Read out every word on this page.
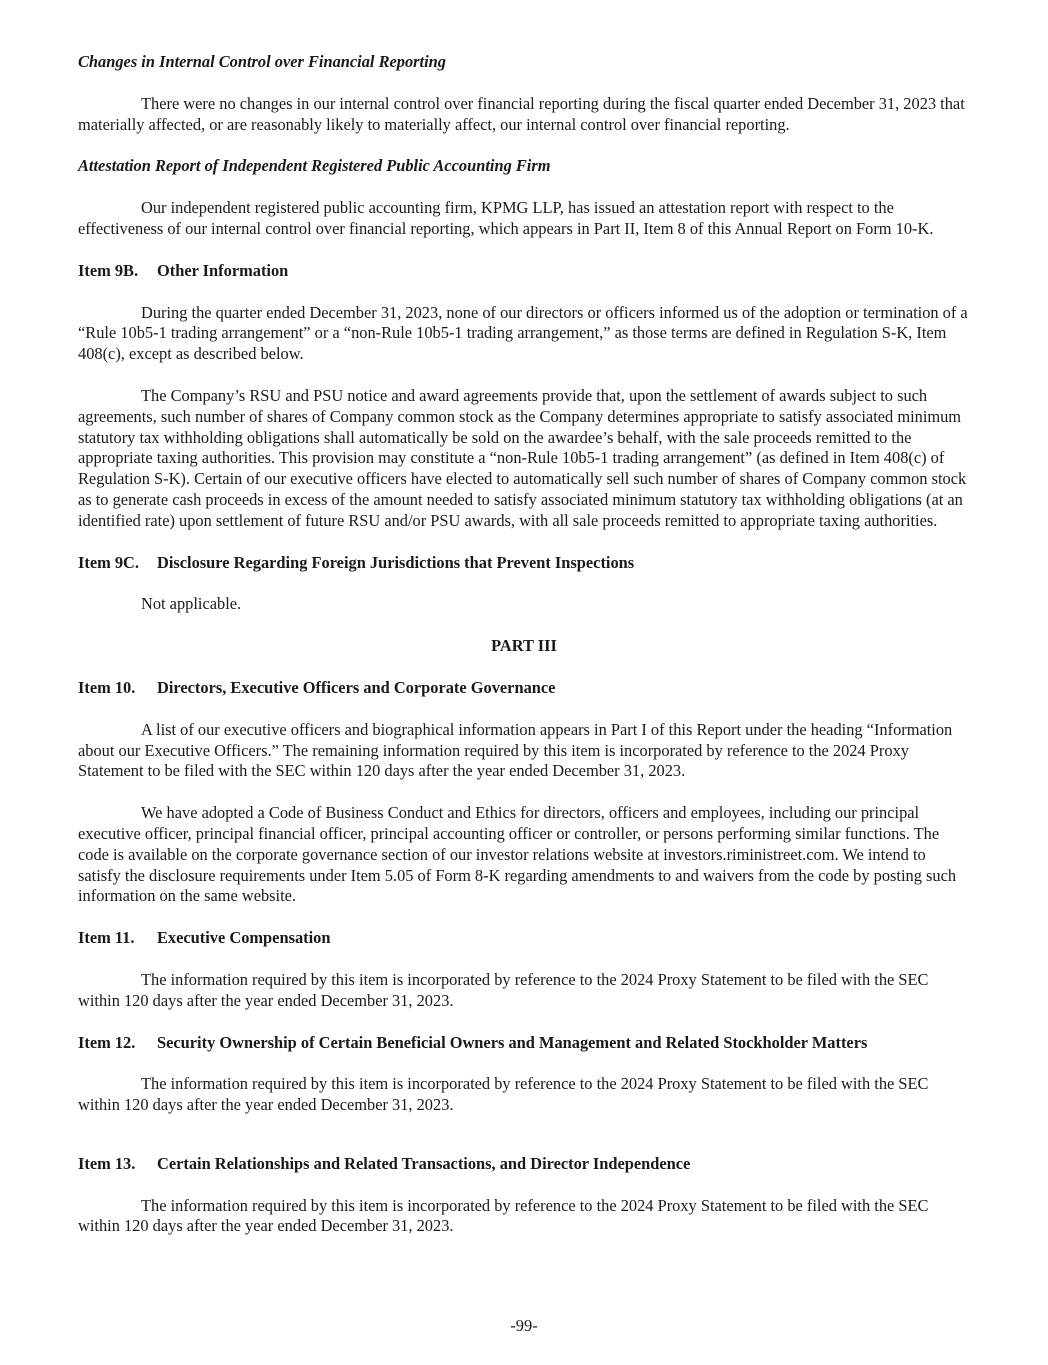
Changes in Internal Control over Financial Reporting

There were no changes in our internal control over financial reporting during the fiscal quarter ended December 31, 2023 that materially affected, or are reasonably likely to materially affect, our internal control over financial reporting.

Attestation Report of Independent Registered Public Accounting Firm

Our independent registered public accounting firm, KPMG LLP, has issued an attestation report with respect to the effectiveness of our internal control over financial reporting, which appears in Part II, Item 8 of this Annual Report on Form 10-K.

Item 9B.	Other Information

During the quarter ended December 31, 2023, none of our directors or officers informed us of the adoption or termination of a “Rule 10b5-1 trading arrangement” or a “non-Rule 10b5-1 trading arrangement,” as those terms are defined in Regulation S-K, Item 408(c), except as described below.

The Company’s RSU and PSU notice and award agreements provide that, upon the settlement of awards subject to such agreements, such number of shares of Company common stock as the Company determines appropriate to satisfy associated minimum statutory tax withholding obligations shall automatically be sold on the awardee’s behalf, with the sale proceeds remitted to the appropriate taxing authorities. This provision may constitute a “non-Rule 10b5-1 trading arrangement” (as defined in Item 408(c) of Regulation S-K). Certain of our executive officers have elected to automatically sell such number of shares of Company common stock as to generate cash proceeds in excess of the amount needed to satisfy associated minimum statutory tax withholding obligations (at an identified rate) upon settlement of future RSU and/or PSU awards, with all sale proceeds remitted to appropriate taxing authorities.

Item 9C.	Disclosure Regarding Foreign Jurisdictions that Prevent Inspections

Not applicable.

PART III

Item 10.	Directors, Executive Officers and Corporate Governance

A list of our executive officers and biographical information appears in Part I of this Report under the heading “Information about our Executive Officers.” The remaining information required by this item is incorporated by reference to the 2024 Proxy Statement to be filed with the SEC within 120 days after the year ended December 31, 2023.

We have adopted a Code of Business Conduct and Ethics for directors, officers and employees, including our principal executive officer, principal financial officer, principal accounting officer or controller, or persons performing similar functions. The code is available on the corporate governance section of our investor relations website at investors.riministreet.com. We intend to satisfy the disclosure requirements under Item 5.05 of Form 8-K regarding amendments to and waivers from the code by posting such information on the same website.

Item 11.	Executive Compensation

The information required by this item is incorporated by reference to the 2024 Proxy Statement to be filed with the SEC within 120 days after the year ended December 31, 2023.

Item 12.	Security Ownership of Certain Beneficial Owners and Management and Related Stockholder Matters

The information required by this item is incorporated by reference to the 2024 Proxy Statement to be filed with the SEC within 120 days after the year ended December 31, 2023.

Item 13.	Certain Relationships and Related Transactions, and Director Independence

The information required by this item is incorporated by reference to the 2024 Proxy Statement to be filed with the SEC within 120 days after the year ended December 31, 2023.

-99-
